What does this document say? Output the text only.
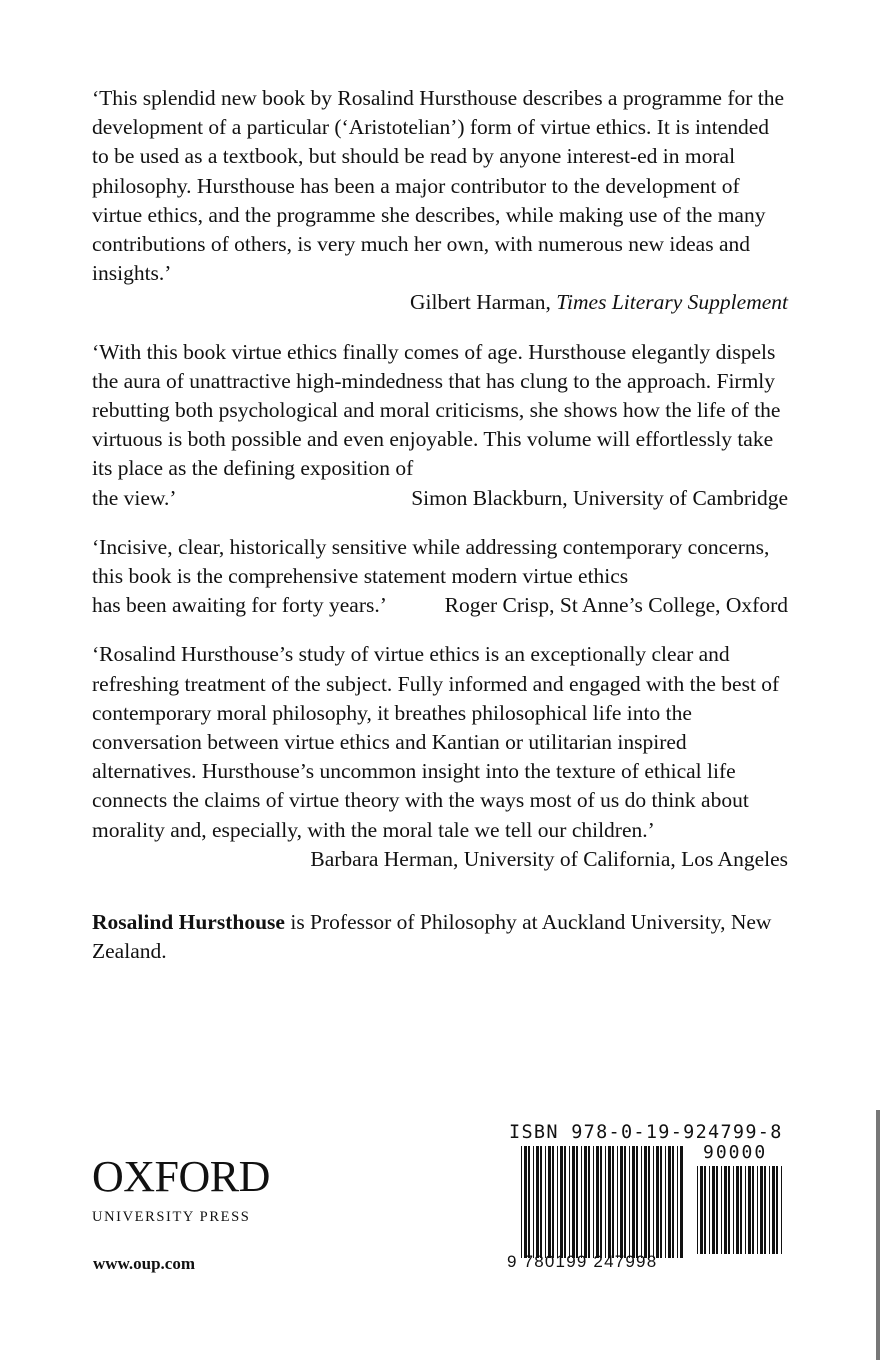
‘This splendid new book by Rosalind Hursthouse describes a programme for the development of a particular (‘Aristotelian’) form of virtue ethics. It is intended to be used as a textbook, but should be read by anyone interest-ed in moral philosophy. Hursthouse has been a major contributor to the development of virtue ethics, and the programme she describes, while making use of the many contributions of others, is very much her own, with numerous new ideas and insights.’
Gilbert Harman, Times Literary Supplement
‘With this book virtue ethics finally comes of age. Hursthouse elegantly dispels the aura of unattractive high-mindedness that has clung to the approach. Firmly rebutting both psychological and moral criticisms, she shows how the life of the virtuous is both possible and even enjoyable. This volume will effortlessly take its place as the defining exposition of
the view.’	Simon Blackburn, University of Cambridge
‘Incisive, clear, historically sensitive while addressing contemporary concerns, this book is the comprehensive statement modern virtue ethics
has been awaiting for forty years.’	Roger Crisp, St Anne’s College, Oxford
‘Rosalind Hursthouse’s study of virtue ethics is an exceptionally clear and refreshing treatment of the subject. Fully informed and engaged with the best of contemporary moral philosophy, it breathes philosophical life into the conversation between virtue ethics and Kantian or utilitarian inspired alternatives. Hursthouse’s uncommon insight into the texture of ethical life connects the claims of virtue theory with the ways most of us do think about morality and, especially, with the moral tale we tell our children.’
Barbara Herman, University of California, Los Angeles
Rosalind Hursthouse is Professor of Philosophy at Auckland University, New Zealand.
OXFORD
UNIVERSITY PRESS
www.oup.com
ISBN 978-0-19-924799-8
90000
9 780199 247998
